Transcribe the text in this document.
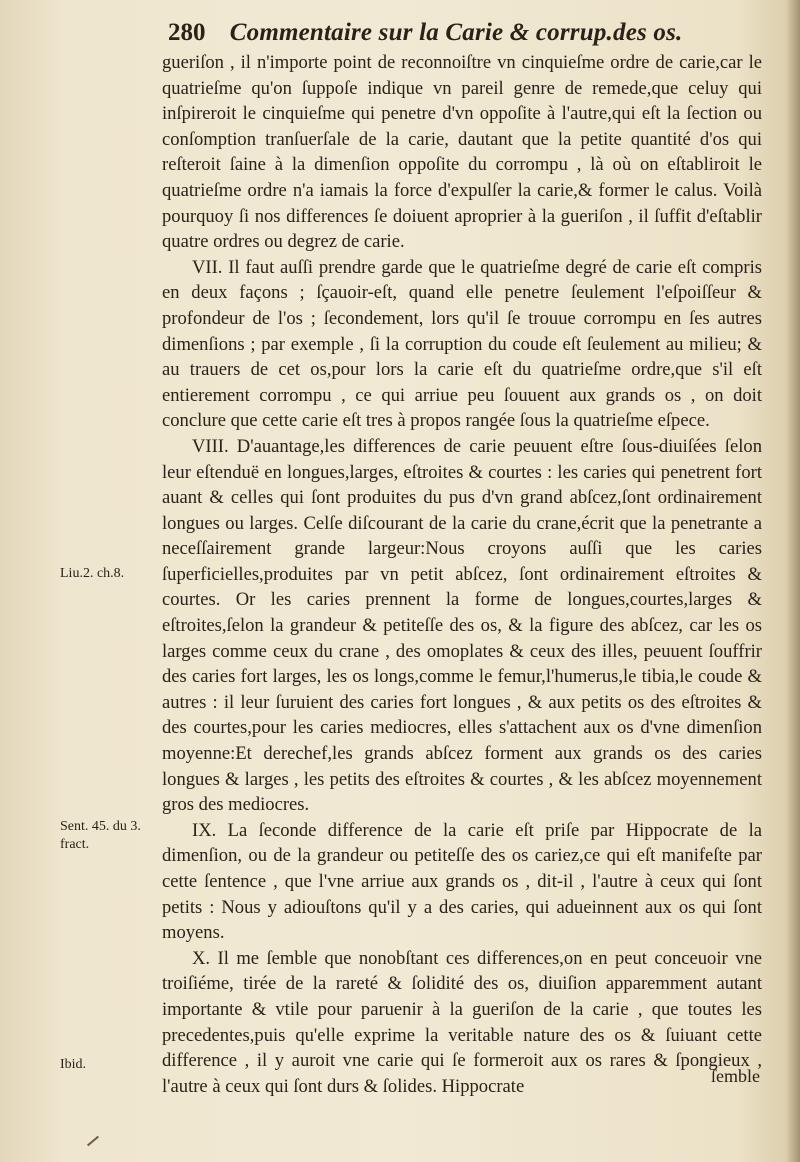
280 Commentaire sur la Carie & corrup.des os.

gueriſon , il n'importe point de reconnoiſtre vn cinquieſme ordre de carie,car le quatrieſme qu'on ſuppoſe indique vn pareil genre de remede,que celuy qui inſpireroit le cinquieſme qui penetre d'vn oppoſite à l'autre,qui eſt la ſection ou conſomption tranſuerſale de la carie, dautant que la petite quantité d'os qui reſteroit ſaine à la dimenſion oppoſite du corrompu , là où on eſtabliroit le quatrieſme ordre n'a iamais la force d'expulſer la carie,& former le calus. Voilà pourquoy ſi nos differences ſe doiuent aproprier à la gueriſon , il ſuffit d'eſtablir quatre ordres ou degrez de carie.

VII. Il faut auſſi prendre garde que le quatrieſme degré de carie eſt compris en deux façons ; ſçauoir-eſt, quand elle penetre ſeulement l'eſpoiſſeur & profondeur de l'os ; ſecondement, lors qu'il ſe trouue corrompu en ſes autres dimenſions ; par exemple , ſi la corruption du coude eſt ſeulement au milieu; & au trauers de cet os,pour lors la carie eſt du quatrieſme ordre,que s'il eſt entierement corrompu , ce qui arriue peu ſouuent aux grands os , on doit conclure que cette carie eſt tres à propos rangée ſous la quatrieſme eſpece.

VIII. D'auantage,les differences de carie peuuent eſtre ſous-diuiſées ſelon leur eſtenduë en longues,larges, eſtroites & courtes : les caries qui penetrent fort auant & celles qui ſont produites du pus d'vn grand abſcez,ſont ordinairement longues ou larges. Celſe diſcourant de la carie du crane,écrit que la penetrante a neceſſairement grande largeur:Nous croyons auſſi que les caries ſuperficielles,produites par vn petit abſcez, ſont ordinairement eſtroites & courtes. Or les caries prennent la forme de longues,courtes,larges & eſtroites,ſelon la grandeur & petiteſſe des os, & la figure des abſcez, car les os larges comme ceux du crane , des omoplates & ceux des illes, peuuent ſouffrir des caries fort larges, les os longs,comme le femur,l'humerus,le tibia,le coude & autres : il leur ſuruient des caries fort longues , & aux petits os des eſtroites & des courtes,pour les caries mediocres, elles s'attachent aux os d'vne dimenſion moyenne:Et derechef,les grands abſcez forment aux grands os des caries longues & larges , les petits des eſtroites & courtes , & les abſcez moyennement gros des mediocres.

IX. La ſeconde difference de la carie eſt priſe par Hippocrate de la dimenſion, ou de la grandeur ou petiteſſe des os cariez,ce qui eſt manifeſte par cette ſentence , que l'vne arriue aux grands os , dit-il , l'autre à ceux qui ſont petits : Nous y adiouſtons qu'il y a des caries, qui adueinnent aux os qui ſont moyens.

X. Il me ſemble que nonobſtant ces differences,on en peut conceuoir vne troiſiéme, tirée de la rareté & ſolidité des os, diuiſion apparemment autant importante & vtile pour paruenir à la gueriſon de la carie , que toutes les precedentes,puis qu'elle exprime la veritable nature des os & ſuiuant cette difference , il y auroit vne carie qui ſe formeroit aux os rares & ſpongieux , l'autre à ceux qui ſont durs & ſolides. Hippocrate

Liu.2. ch.8.
Sent. 45. du 3. fract.
Ibid.
ſemble
